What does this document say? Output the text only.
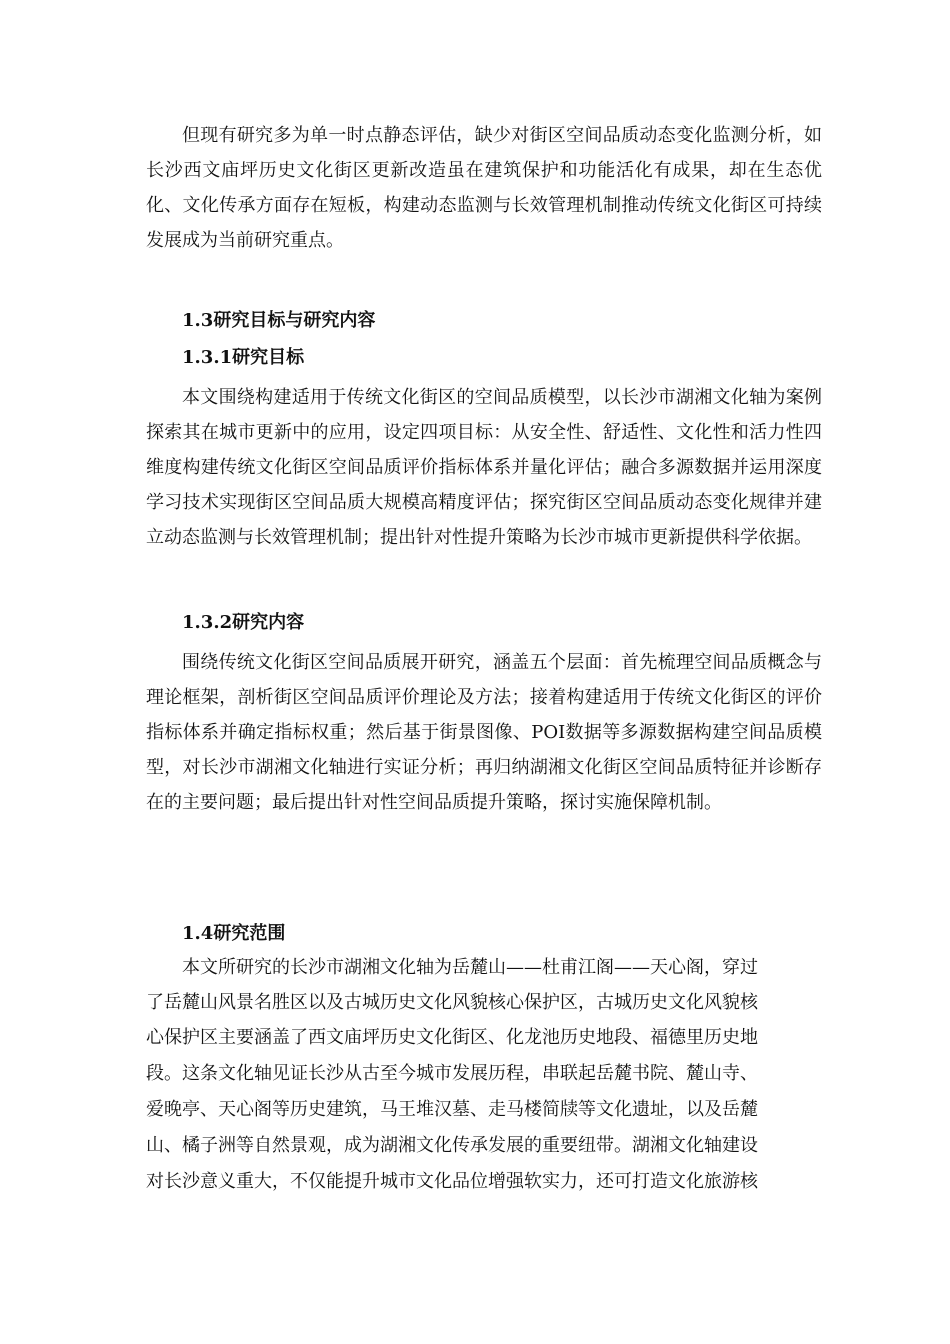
但现有研究多为单一时点静态评估，缺少对街区空间品质动态变化监测分析，如长沙西文庙坪历史文化街区更新改造虽在建筑保护和功能活化有成果，却在生态优化、文化传承方面存在短板，构建动态监测与长效管理机制推动传统文化街区可持续发展成为当前研究重点。

1.3研究目标与研究内容
1.3.1研究目标

本文围绕构建适用于传统文化街区的空间品质模型，以长沙市湖湘文化轴为案例探索其在城市更新中的应用，设定四项目标：从安全性、舒适性、文化性和活力性四维度构建传统文化街区空间品质评价指标体系并量化评估；融合多源数据并运用深度学习技术实现街区空间品质大规模高精度评估；探究街区空间品质动态变化规律并建立动态监测与长效管理机制；提出针对性提升策略为长沙市城市更新提供科学依据。

1.3.2研究内容

围绕传统文化街区空间品质展开研究，涵盖五个层面：首先梳理空间品质概念与理论框架，剖析街区空间品质评价理论及方法；接着构建适用于传统文化街区的评价指标体系并确定指标权重；然后基于街景图像、POI数据等多源数据构建空间品质模型，对长沙市湖湘文化轴进行实证分析；再归纳湖湘文化街区空间品质特征并诊断存在的主要问题；最后提出针对性空间品质提升策略，探讨实施保障机制。

1.4研究范围

本文所研究的长沙市湖湘文化轴为岳麓山——杜甫江阁——天心阁，穿过

了岳麓山风景名胜区以及古城历史文化风貌核心保护区，古城历史文化风貌核

心保护区主要涵盖了西文庙坪历史文化街区、化龙池历史地段、福德里历史地

段。这条文化轴见证长沙从古至今城市发展历程，串联起岳麓书院、麓山寺、

爱晚亭、天心阁等历史建筑，马王堆汉墓、走马楼简牍等文化遗址，以及岳麓

山、橘子洲等自然景观，成为湖湘文化传承发展的重要纽带。湖湘文化轴建设

对长沙意义重大，不仅能提升城市文化品位增强软实力，还可打造文化旅游核
